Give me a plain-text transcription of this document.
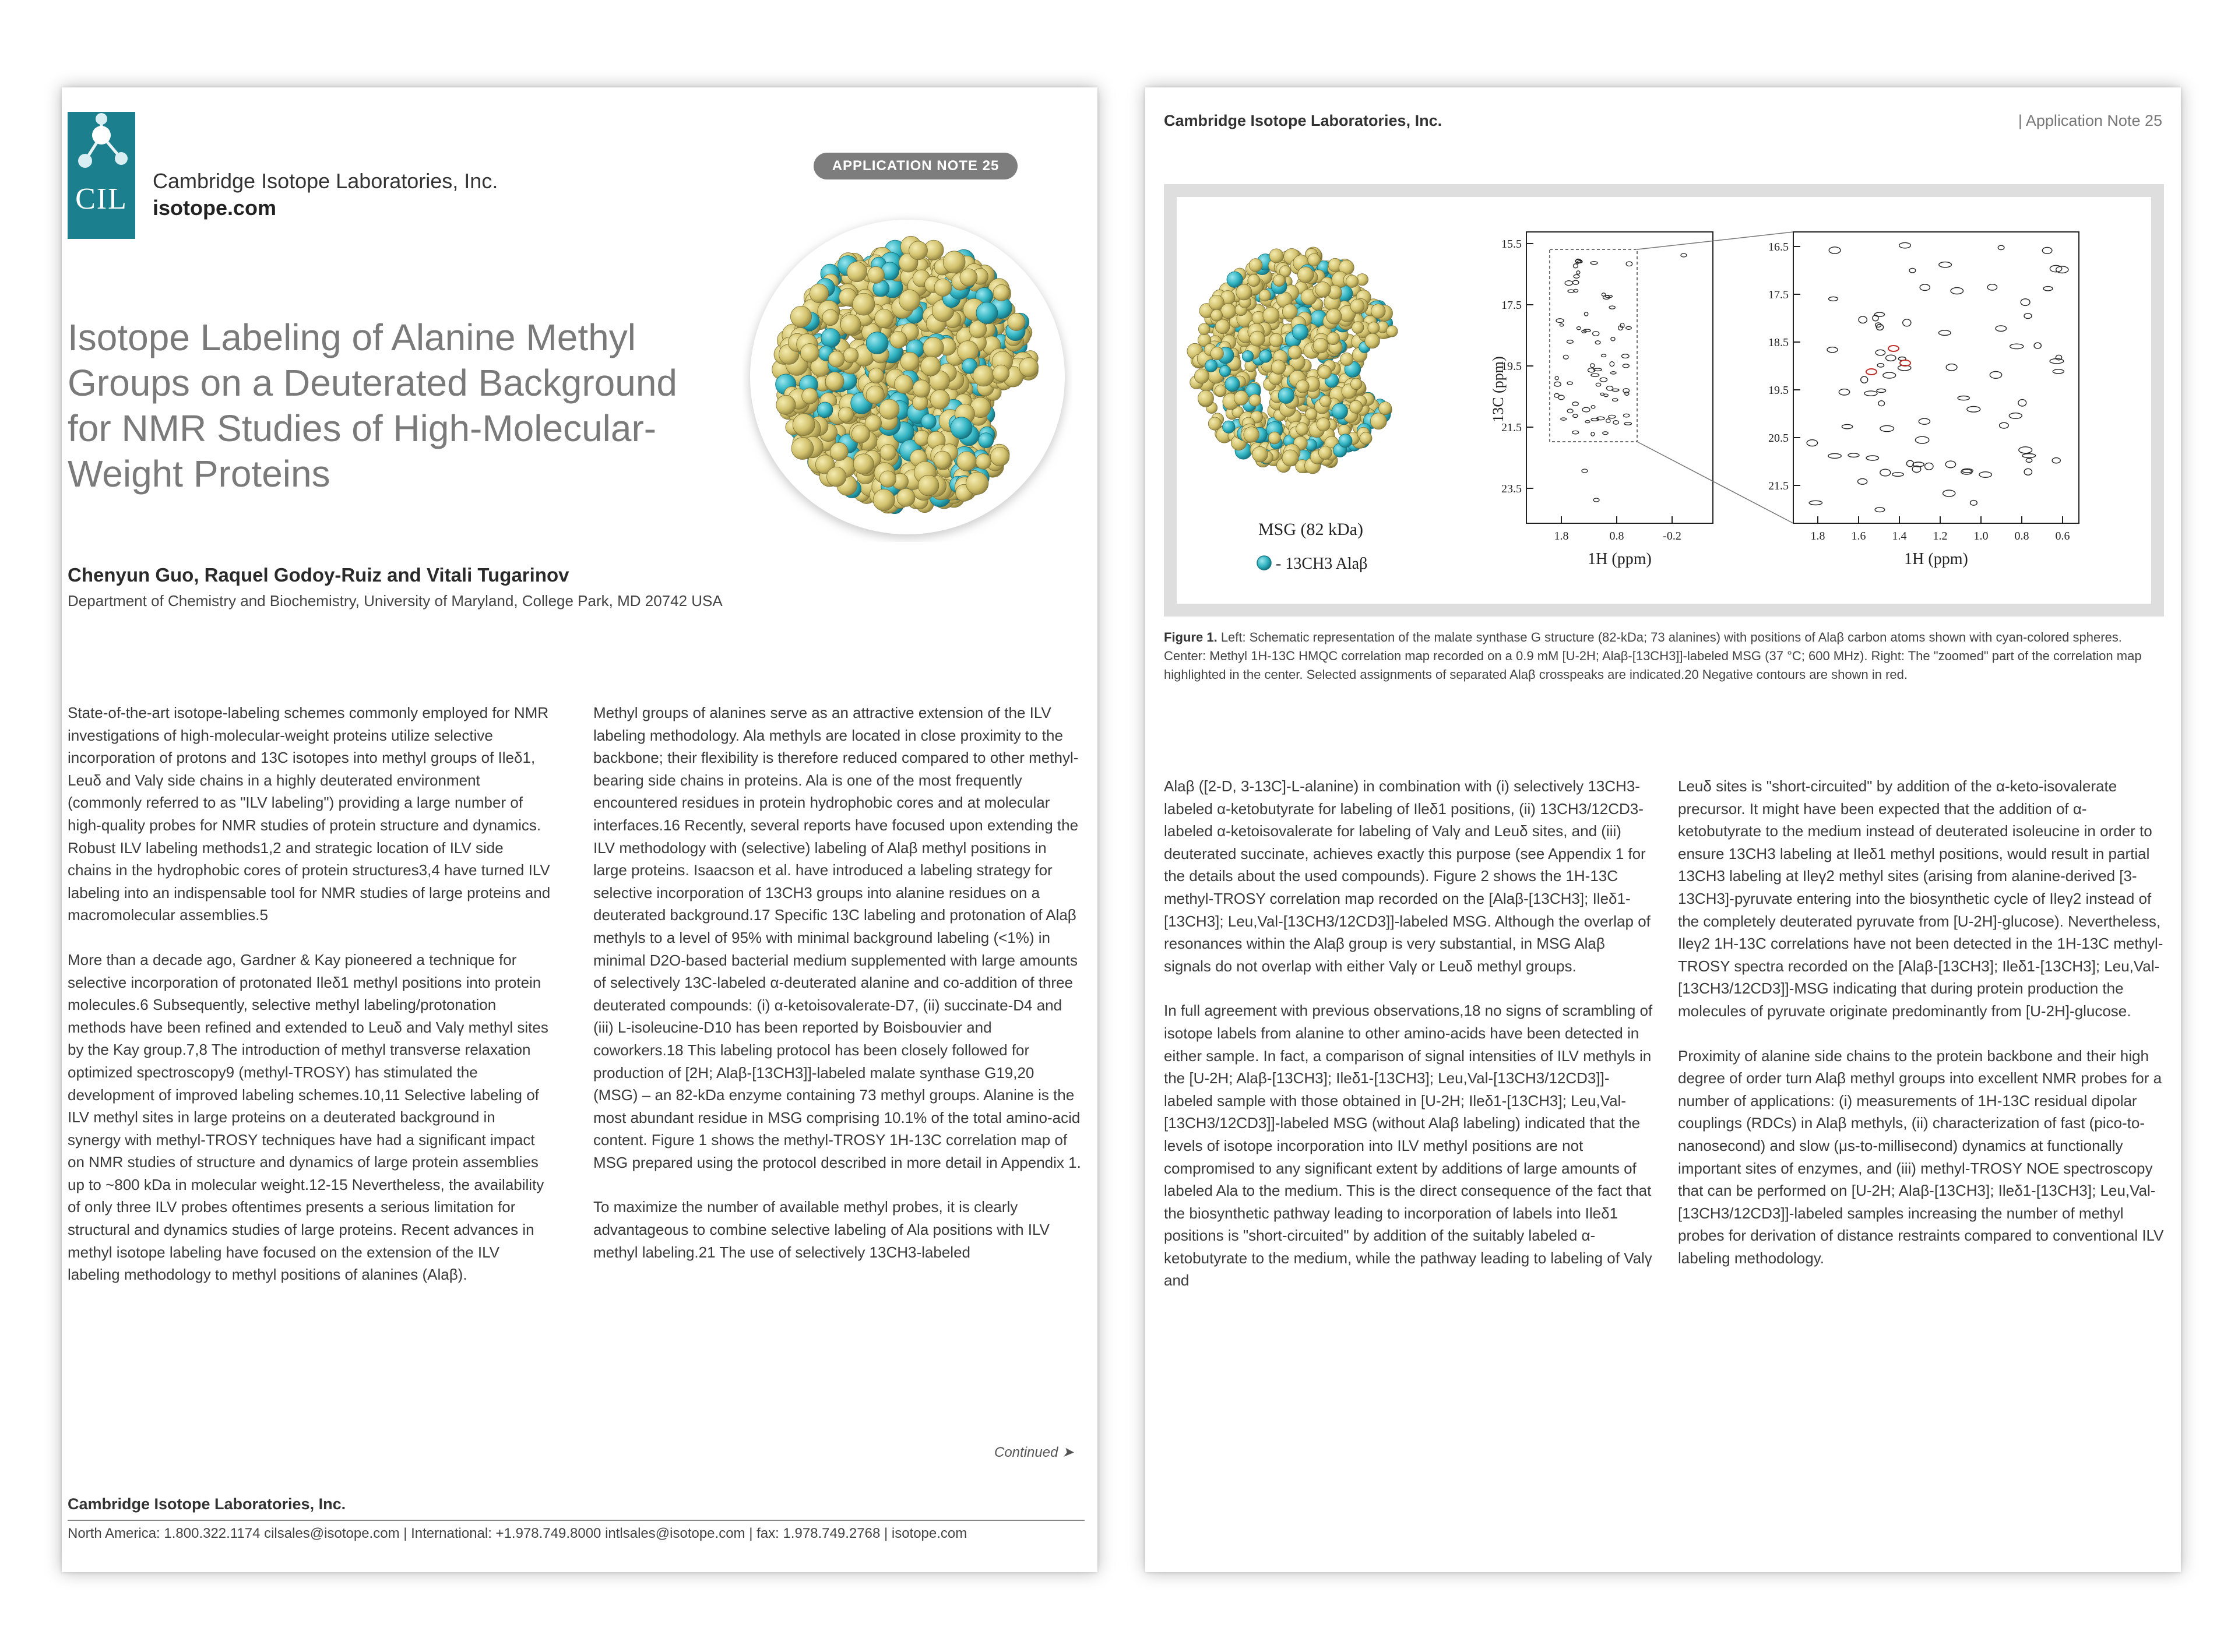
CIL
Cambridge Isotope Laboratories, Inc.
isotope.com
APPLICATION NOTE 25
Isotope Labeling of Alanine Methyl
Groups on a Deuterated Background
for NMR Studies of High-Molecular-
Weight Proteins
Chenyun Guo, Raquel Godoy-Ruiz and Vitali Tugarinov
Department of Chemistry and Biochemistry, University of Maryland, College Park, MD 20742 USA

State-of-the-art isotope-labeling schemes commonly employed for NMR investigations of high-molecular-weight proteins utilize selective incorporation of protons and 13C isotopes into methyl groups of Ileδ1, Leuδ and Valγ side chains in a highly deuterated environment (commonly referred to as "ILV labeling") providing a large number of high-quality probes for NMR studies of protein structure and dynamics. Robust ILV labeling methods1,2 and strategic location of ILV side chains in the hydrophobic cores of protein structures3,4 have turned ILV labeling into an indispensable tool for NMR studies of large proteins and macromolecular assemblies.5

More than a decade ago, Gardner & Kay pioneered a technique for selective incorporation of protonated Ileδ1 methyl positions into protein molecules.6 Subsequently, selective methyl labeling/protonation methods have been refined and extended to Leuδ and Valγ methyl sites by the Kay group.7,8 The introduction of methyl transverse relaxation optimized spectroscopy9 (methyl-TROSY) has stimulated the development of improved labeling schemes.10,11 Selective labeling of ILV methyl sites in large proteins on a deuterated background in synergy with methyl-TROSY techniques have had a significant impact on NMR studies of structure and dynamics of large protein assemblies up to ~800 kDa in molecular weight.12-15 Nevertheless, the availability of only three ILV probes oftentimes presents a serious limitation for structural and dynamics studies of large proteins. Recent advances in methyl isotope labeling have focused on the extension of the ILV labeling methodology to methyl positions of alanines (Alaβ).

Methyl groups of alanines serve as an attractive extension of the ILV labeling methodology. Ala methyls are located in close proximity to the backbone; their flexibility is therefore reduced compared to other methyl-bearing side chains in proteins. Ala is one of the most frequently encountered residues in protein hydrophobic cores and at molecular interfaces.16 Recently, several reports have focused upon extending the ILV methodology with (selective) labeling of Alaβ methyl positions in large proteins. Isaacson et al. have introduced a labeling strategy for selective incorporation of 13CH3 groups into alanine residues on a deuterated background.17 Specific 13C labeling and protonation of Alaβ methyls to a level of 95% with minimal background labeling (<1%) in minimal D2O-based bacterial medium supplemented with large amounts of selectively 13C-labeled α-deuterated alanine and co-addition of three deuterated compounds: (i) α-ketoisovalerate-D7, (ii) succinate-D4 and (iii) L-isoleucine-D10 has been reported by Boisbouvier and coworkers.18 This labeling protocol has been closely followed for production of [2H; Alaβ-[13CH3]]-labeled malate synthase G19,20 (MSG) – an 82-kDa enzyme containing 73 methyl groups. Alanine is the most abundant residue in MSG comprising 10.1% of the total amino-acid content. Figure 1 shows the methyl-TROSY 1H-13C correlation map of MSG prepared using the protocol described in more detail in Appendix 1.

To maximize the number of available methyl probes, it is clearly advantageous to combine selective labeling of Ala positions with ILV methyl labeling.21 The use of selectively 13CH3-labeled

Continued ➤
Cambridge Isotope Laboratories, Inc.
North America: 1.800.322.1174 cilsales@isotope.com | International: +1.978.749.8000 intlsales@isotope.com | fax: 1.978.749.2768 | isotope.com
Cambridge Isotope Laboratories, Inc.	| Application Note 25
MSG (82 kDa)
- 13CH3 Alaβ
15.5
17.5
19.5
21.5
23.5
1.8	0.8	-0.2
13C (ppm)
1H (ppm)
16.5
17.5
18.5
19.5
20.5
21.5
1.8 1.6 1.4 1.2 1.0 0.8 0.6
1H (ppm)
Figure 1. Left: Schematic representation of the malate synthase G structure (82-kDa; 73 alanines) with positions of Alaβ carbon atoms shown with cyan-colored spheres. Center: Methyl 1H-13C HMQC correlation map recorded on a 0.9 mM [U-2H; Alaβ-[13CH3]]-labeled MSG (37 °C; 600 MHz). Right: The "zoomed" part of the correlation map highlighted in the center. Selected assignments of separated Alaβ crosspeaks are indicated.20 Negative contours are shown in red.

Alaβ ([2-D, 3-13C]-L-alanine) in combination with (i) selectively 13CH3-labeled α-ketobutyrate for labeling of Ileδ1 positions, (ii) 13CH3/12CD3-labeled α-ketoisovalerate for labeling of Valγ and Leuδ sites, and (iii) deuterated succinate, achieves exactly this purpose (see Appendix 1 for the details about the used compounds). Figure 2 shows the 1H-13C methyl-TROSY correlation map recorded on the [Alaβ-[13CH3]; Ileδ1-[13CH3]; Leu,Val-[13CH3/12CD3]]-labeled MSG. Although the overlap of resonances within the Alaβ group is very substantial, in MSG Alaβ signals do not overlap with either Valγ or Leuδ methyl groups.

In full agreement with previous observations,18 no signs of scrambling of isotope labels from alanine to other amino-acids have been detected in either sample. In fact, a comparison of signal intensities of ILV methyls in the [U-2H; Alaβ-[13CH3]; Ileδ1-[13CH3]; Leu,Val-[13CH3/12CD3]]-labeled sample with those obtained in [U-2H; Ileδ1-[13CH3]; Leu,Val-[13CH3/12CD3]]-labeled MSG (without Alaβ labeling) indicated that the levels of isotope incorporation into ILV methyl positions are not compromised to any significant extent by additions of large amounts of labeled Ala to the medium. This is the direct consequence of the fact that the biosynthetic pathway leading to incorporation of labels into Ileδ1 positions is "short-circuited" by addition of the suitably labeled α-ketobutyrate to the medium, while the pathway leading to labeling of Valγ and

Leuδ sites is "short-circuited" by addition of the α-keto-isovalerate precursor. It might have been expected that the addition of α-ketobutyrate to the medium instead of deuterated isoleucine in order to ensure 13CH3 labeling at Ileδ1 methyl positions, would result in partial 13CH3 labeling at Ileγ2 methyl sites (arising from alanine-derived [3-13CH3]-pyruvate entering into the biosynthetic cycle of Ileγ2 instead of the completely deuterated pyruvate from [U-2H]-glucose). Nevertheless, Ileγ2 1H-13C correlations have not been detected in the 1H-13C methyl-TROSY spectra recorded on the [Alaβ-[13CH3]; Ileδ1-[13CH3]; Leu,Val-[13CH3/12CD3]]-MSG indicating that during protein production the molecules of pyruvate originate predominantly from [U-2H]-glucose.

Proximity of alanine side chains to the protein backbone and their high degree of order turn Alaβ methyl groups into excellent NMR probes for a number of applications: (i) measurements of 1H-13C residual dipolar couplings (RDCs) in Alaβ methyls, (ii) characterization of fast (pico-to-nanosecond) and slow (μs-to-millisecond) dynamics at functionally important sites of enzymes, and (iii) methyl-TROSY NOE spectroscopy that can be performed on [U-2H; Alaβ-[13CH3]; Ileδ1-[13CH3]; Leu,Val-[13CH3/12CD3]]-labeled samples increasing the number of methyl probes for derivation of distance restraints compared to conventional ILV labeling methodology.
